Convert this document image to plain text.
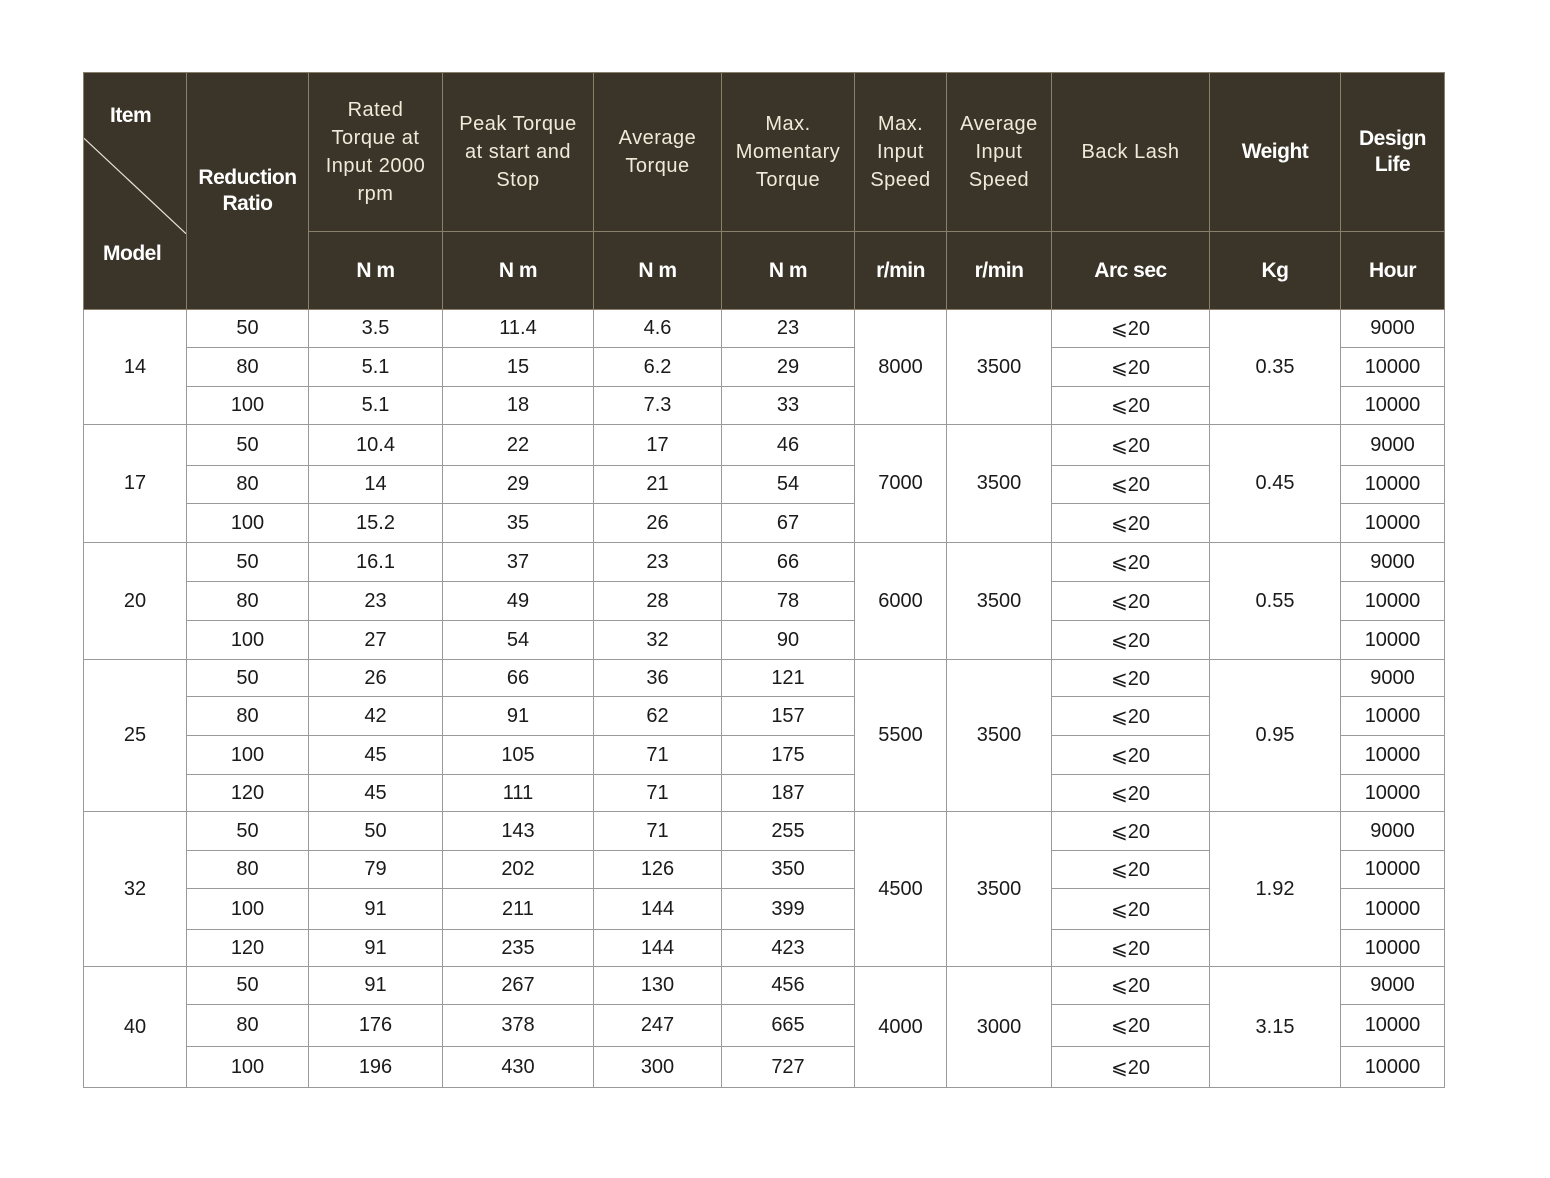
Item
Model	Reduction
Ratio	Rated
Torque at
Input 2000
rpm	Peak Torque
at start and
Stop	Average
Torque	Max.
Momentary
Torque	Max.
Input
Speed	Average
Input
Speed	Back Lash	Weight	Design
Life

		N m	N m	N m	N m	r/min	r/min	Arc sec	Kg	Hour
14	50	3.5	11.4	4.6	23	8000	3500	⩽20	0.35	9000
	80	5.1	15	6.2	29			⩽20		10000
	100	5.1	18	7.3	33			⩽20		10000
17	50	10.4	22	17	46	7000	3500	⩽20	0.45	9000
	80	14	29	21	54			⩽20		10000
	100	15.2	35	26	67			⩽20		10000
20	50	16.1	37	23	66	6000	3500	⩽20	0.55	9000
	80	23	49	28	78			⩽20		10000
	100	27	54	32	90			⩽20		10000
25	50	26	66	36	121	5500	3500	⩽20	0.95	9000
	80	42	91	62	157			⩽20		10000
	100	45	105	71	175			⩽20		10000
	120	45	111	71	187			⩽20		10000
32	50	50	143	71	255	4500	3500	⩽20	1.92	9000
	80	79	202	126	350			⩽20		10000
	100	91	211	144	399			⩽20		10000
	120	91	235	144	423			⩽20		10000
40	50	91	267	130	456	4000	3000	⩽20	3.15	9000
	80	176	378	247	665			⩽20		10000
	100	196	430	300	727			⩽20		10000
